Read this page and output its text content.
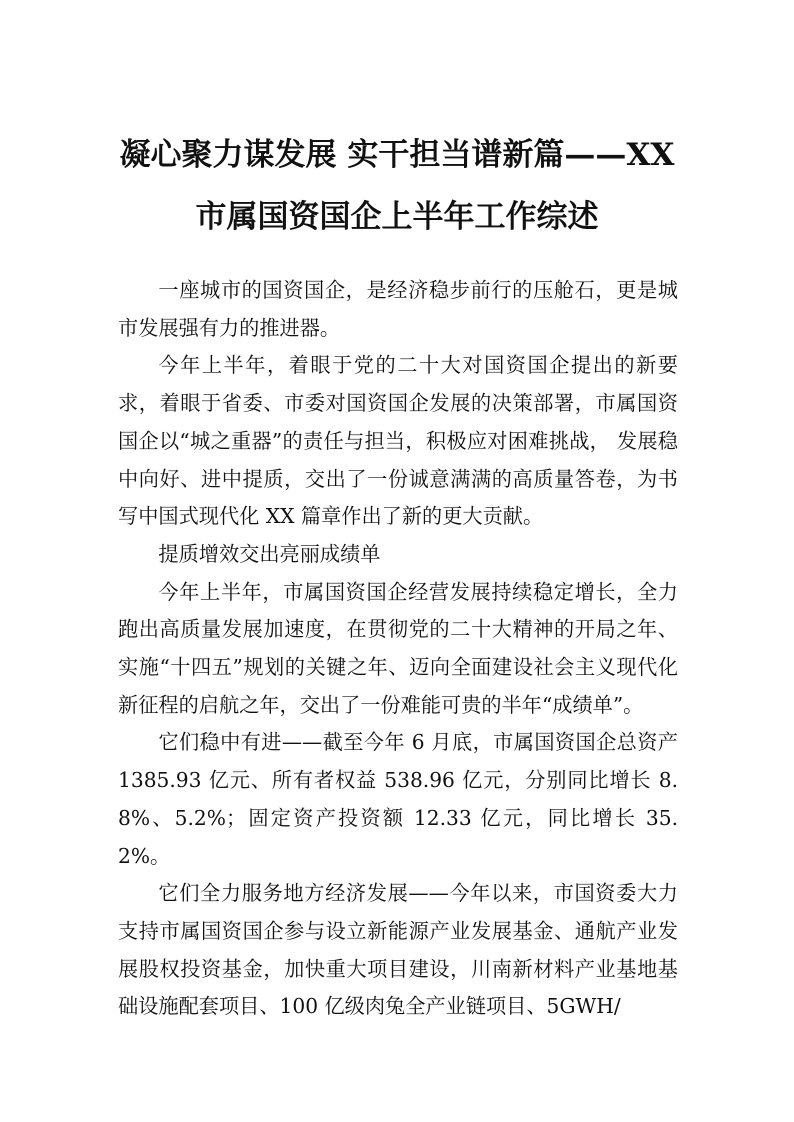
凝心聚力谋发展 实干担当谱新篇——XX
市属国资国企上半年工作综述

一座城市的国资国企，是经济稳步前行的压舱石，更是城市发展强有力的推进器。

今年上半年，着眼于党的二十大对国资国企提出的新要求，着眼于省委、市委对国资国企发展的决策部署，市属国资国企以“城之重器”的责任与担当，积极应对困难挑战， 发展稳中向好、进中提质，交出了一份诚意满满的高质量答卷，为书写中国式现代化 XX 篇章作出了新的更大贡献。

提质增效交出亮丽成绩单

今年上半年，市属国资国企经营发展持续稳定增长，全力跑出高质量发展加速度，在贯彻党的二十大精神的开局之年、实施“十四五”规划的关键之年、迈向全面建设社会主义现代化新征程的启航之年，交出了一份难能可贵的半年“成绩单”。

它们稳中有进——截至今年 6 月底，市属国资国企总资产 1385.93 亿元、所有者权益 538.96 亿元，分别同比增长 8.8%、5.2%；固定资产投资额 12.33 亿元，同比增长 35.2%。

它们全力服务地方经济发展——今年以来，市国资委大力支持市属国资国企参与设立新能源产业发展基金、通航产业发展股权投资基金，加快重大项目建设，川南新材料产业基地基础设施配套项目、100 亿级肉兔全产业链项目、5GWH/
